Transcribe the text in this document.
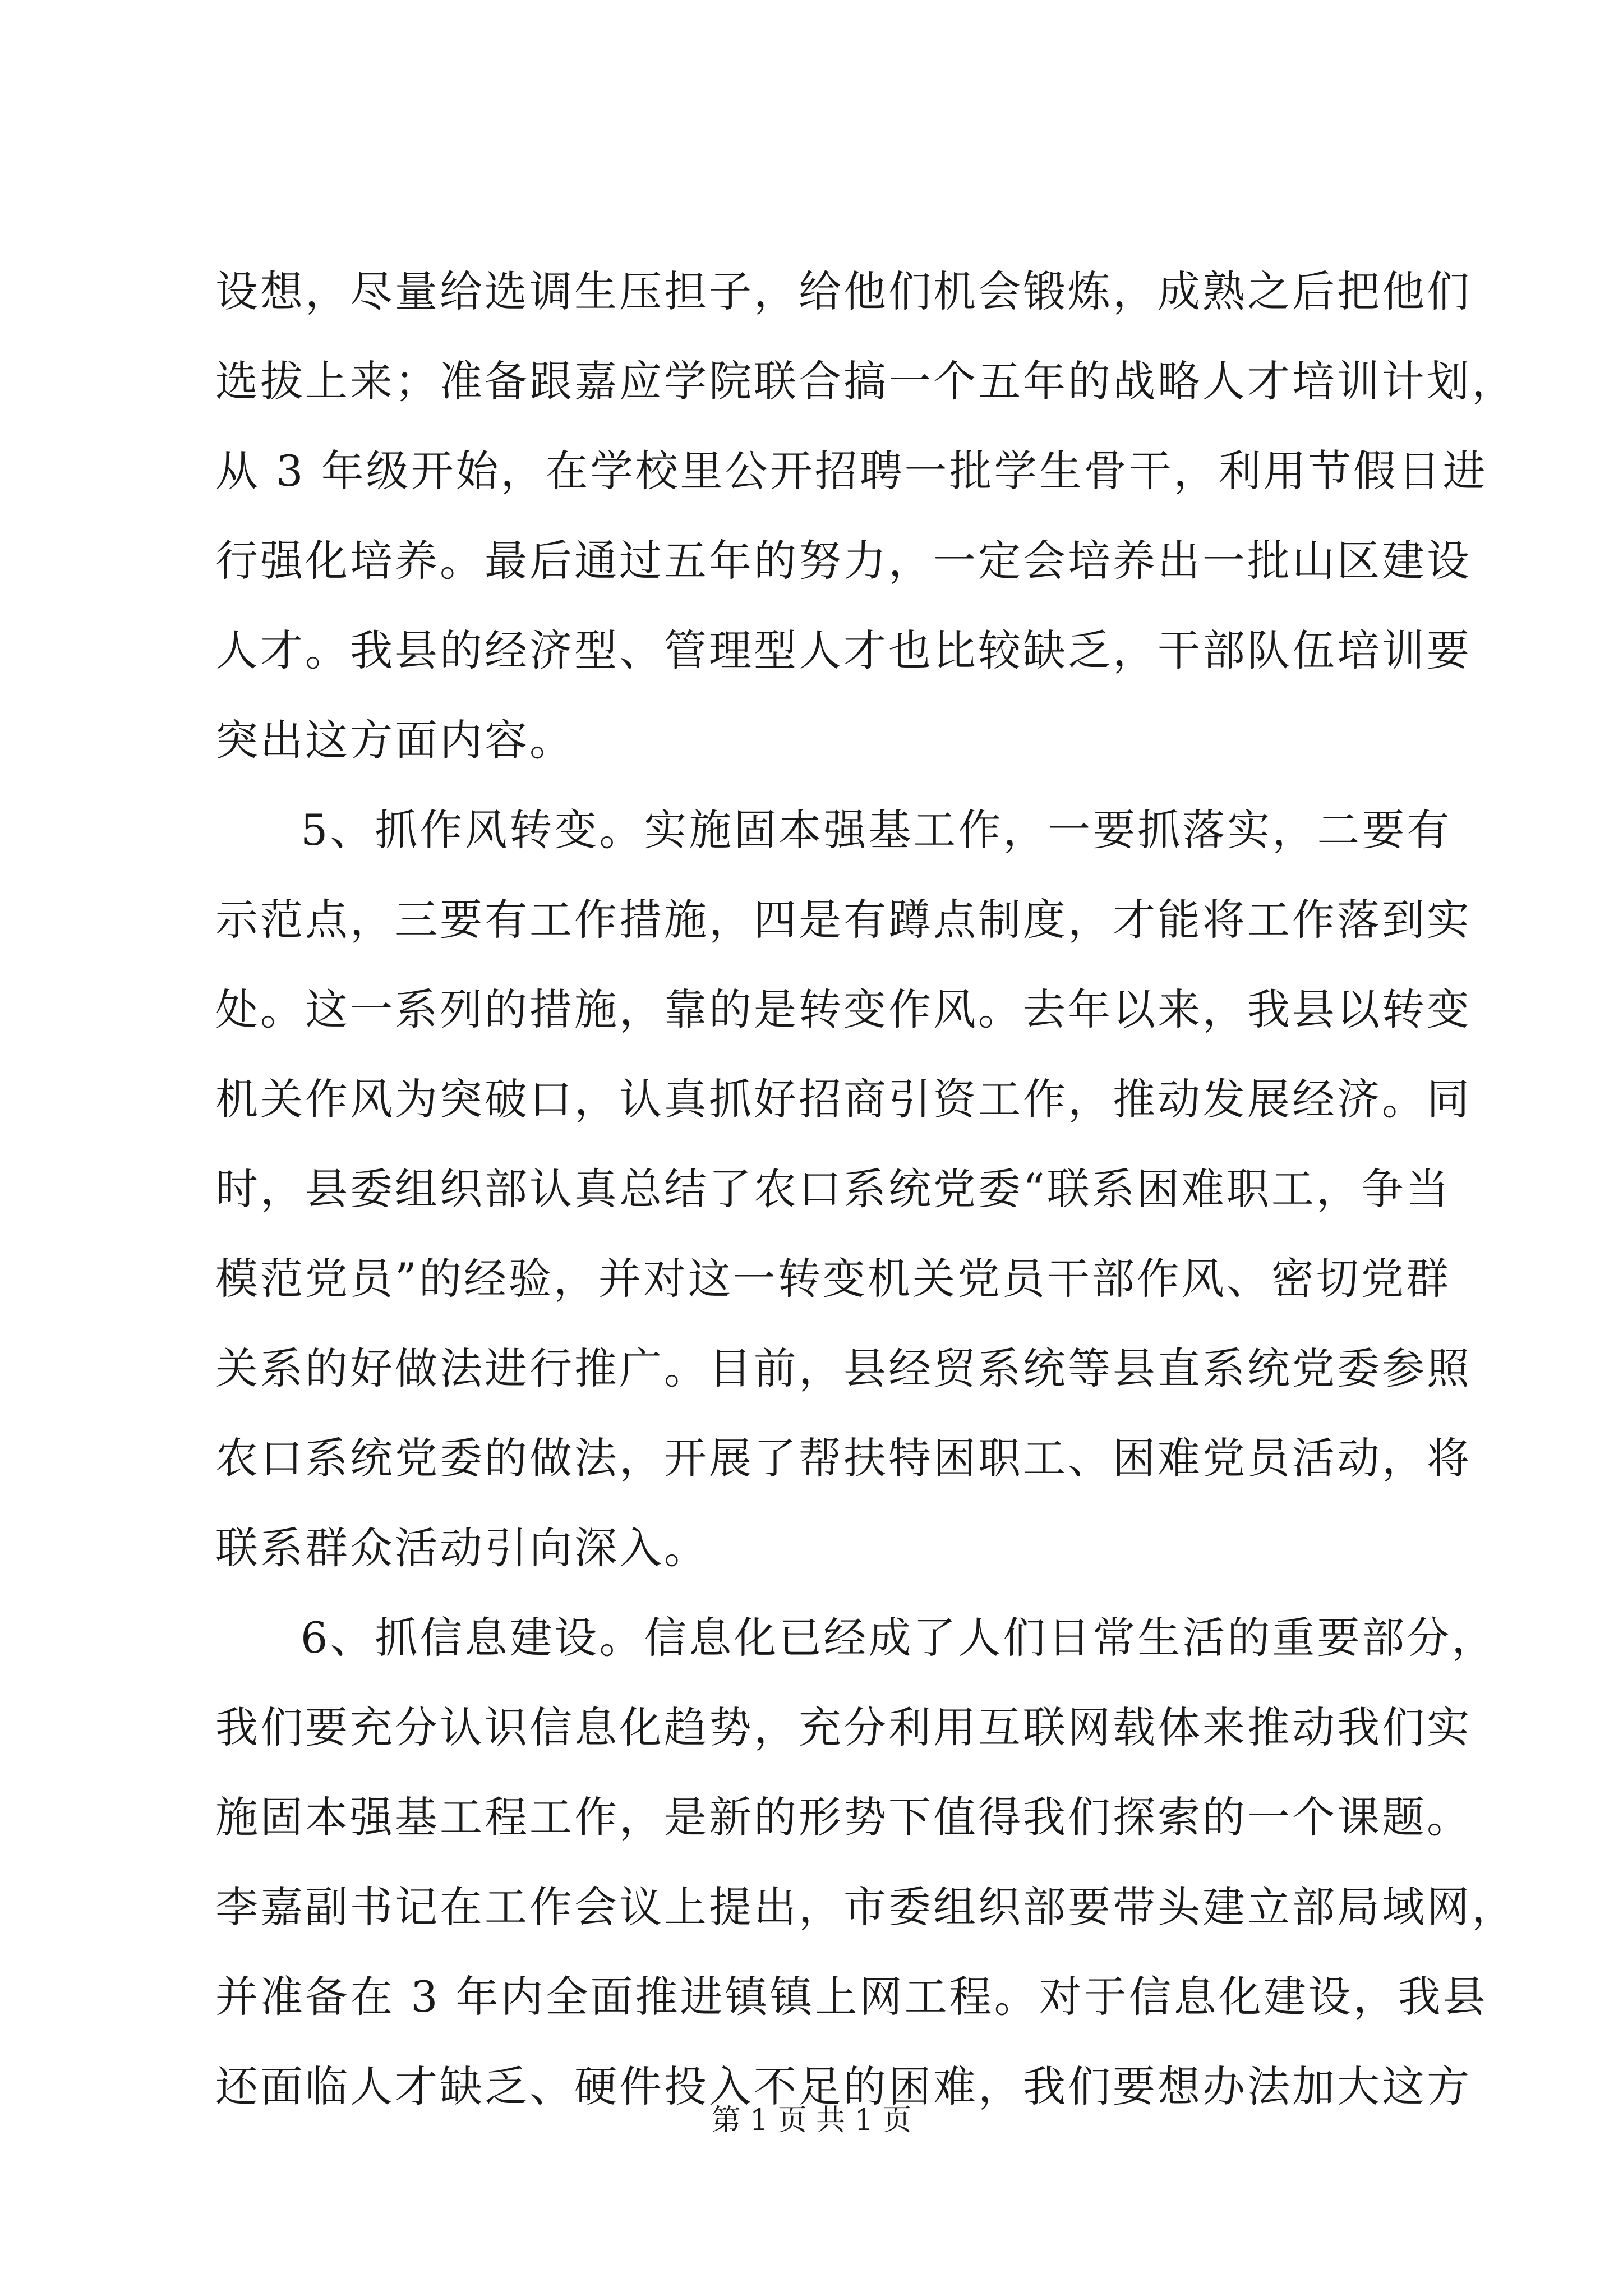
设想，尽量给选调生压担子，给他们机会锻炼，成熟之后把他们
选拔上来；准备跟嘉应学院联合搞一个五年的战略人才培训计划，
从 3 年级开始，在学校里公开招聘一批学生骨干，利用节假日进
行强化培养。最后通过五年的努力，一定会培养出一批山区建设
人才。我县的经济型、管理型人才也比较缺乏，干部队伍培训要
突出这方面内容。
5、抓作风转变。实施固本强基工作，一要抓落实，二要有
示范点，三要有工作措施，四是有蹲点制度，才能将工作落到实
处。这一系列的措施，靠的是转变作风。去年以来，我县以转变
机关作风为突破口，认真抓好招商引资工作，推动发展经济。同
时，县委组织部认真总结了农口系统党委“联系困难职工，争当
模范党员”的经验，并对这一转变机关党员干部作风、密切党群
关系的好做法进行推广。目前，县经贸系统等县直系统党委参照
农口系统党委的做法，开展了帮扶特困职工、困难党员活动，将
联系群众活动引向深入。
6、抓信息建设。信息化已经成了人们日常生活的重要部分，
我们要充分认识信息化趋势，充分利用互联网载体来推动我们实
施固本强基工程工作，是新的形势下值得我们探索的一个课题。
李嘉副书记在工作会议上提出，市委组织部要带头建立部局域网，
并准备在 3 年内全面推进镇镇上网工程。对于信息化建设，我县
还面临人才缺乏、硬件投入不足的困难，我们要想办法加大这方
第 1 页 共 1 页
